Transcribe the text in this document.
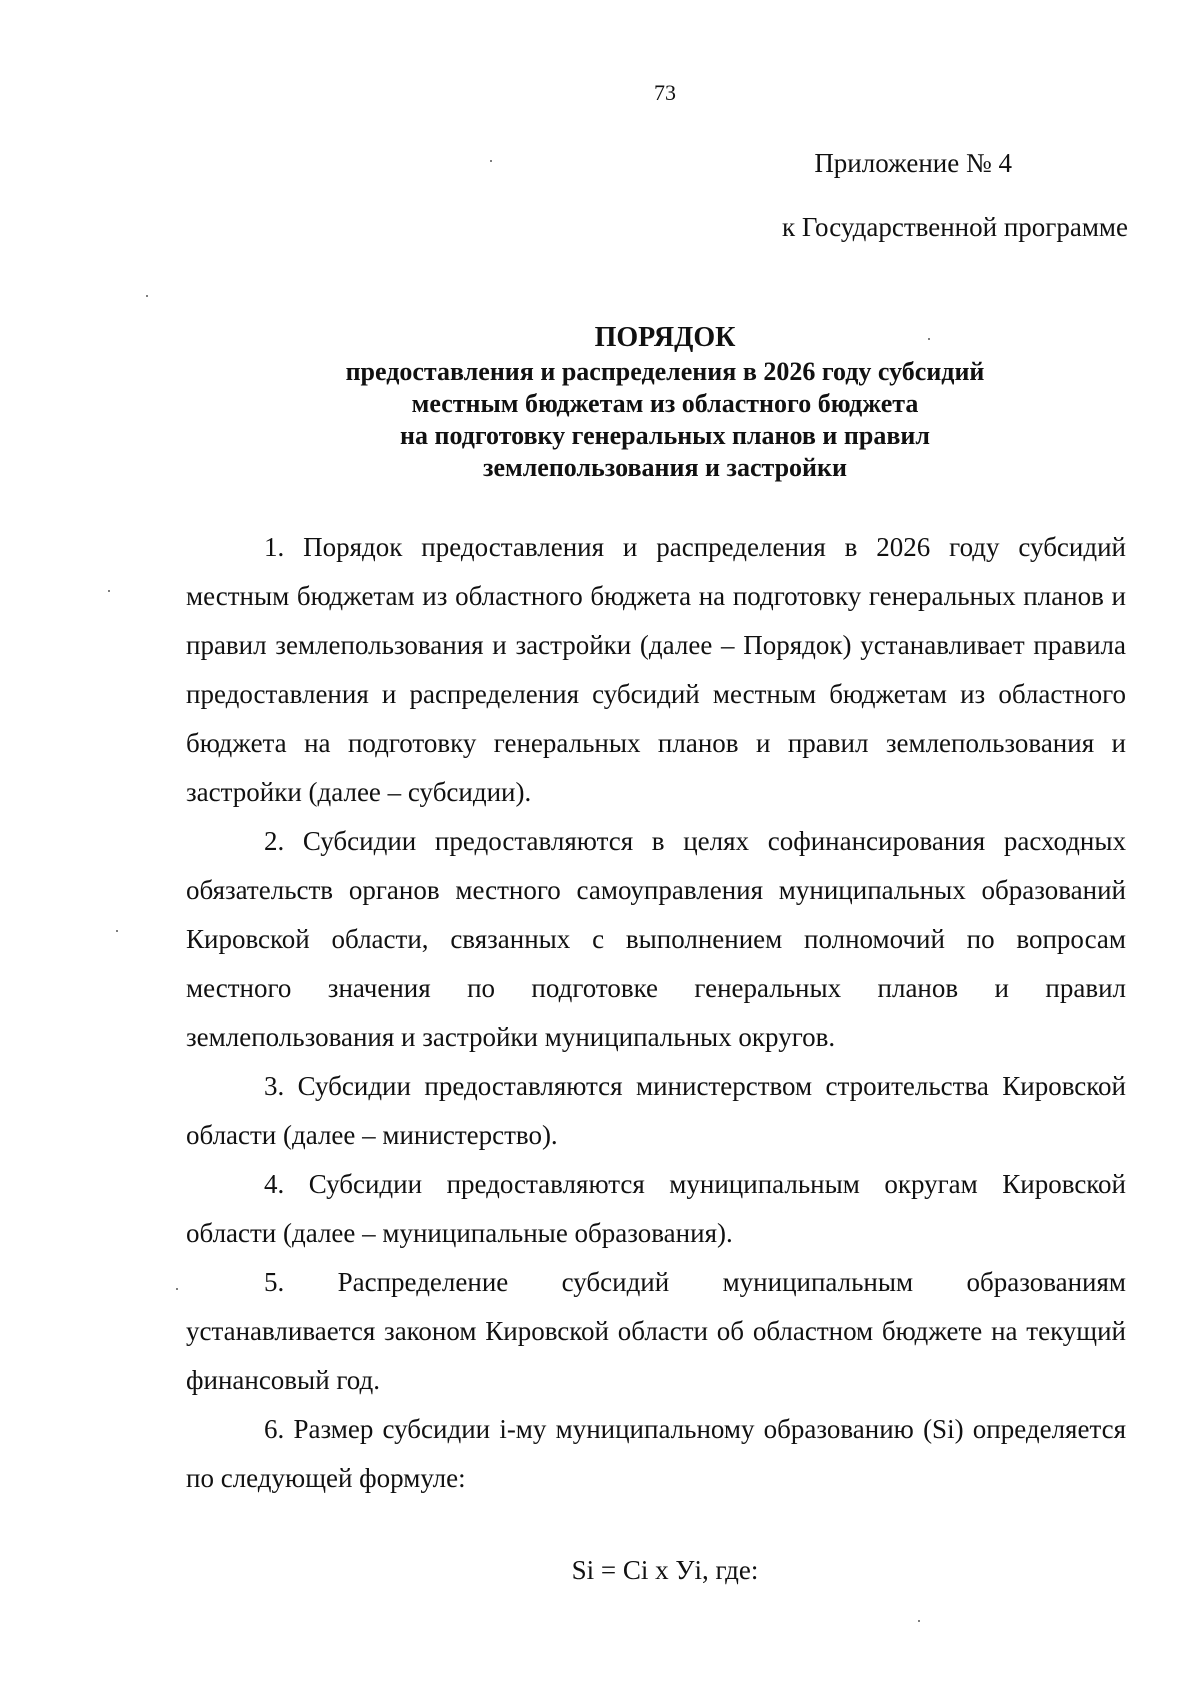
73
Приложение № 4
к Государственной программе
ПОРЯДОК
предоставления и распределения в 2026 году субсидий
местным бюджетам из областного бюджета
на подготовку генеральных планов и правил
землепользования и застройки

1. Порядок предоставления и распределения в 2026 году субсидий местным бюджетам из областного бюджета на подготовку генеральных планов и правил землепользования и застройки (далее – Порядок) устанавливает правила предоставления и распределения субсидий местным бюджетам из областного бюджета на подготовку генеральных планов и правил землепользования и застройки (далее – субсидии).

2. Субсидии предоставляются в целях софинансирования расходных обязательств органов местного самоуправления муниципальных образований Кировской области, связанных с выполнением полномочий по вопросам местного значения по подготовке генеральных планов и правил землепользования и застройки муниципальных округов.

3. Субсидии предоставляются министерством строительства Кировской области (далее – министерство).

4. Субсидии предоставляются муниципальным округам Кировской области (далее – муниципальные образования).

5. Распределение субсидий муниципальным образованиям устанавливается законом Кировской области об областном бюджете на текущий финансовый год.

6. Размер субсидии i-му муниципальному образованию (Si) определяется по следующей формуле:

Si = Ci x Уi, где:
